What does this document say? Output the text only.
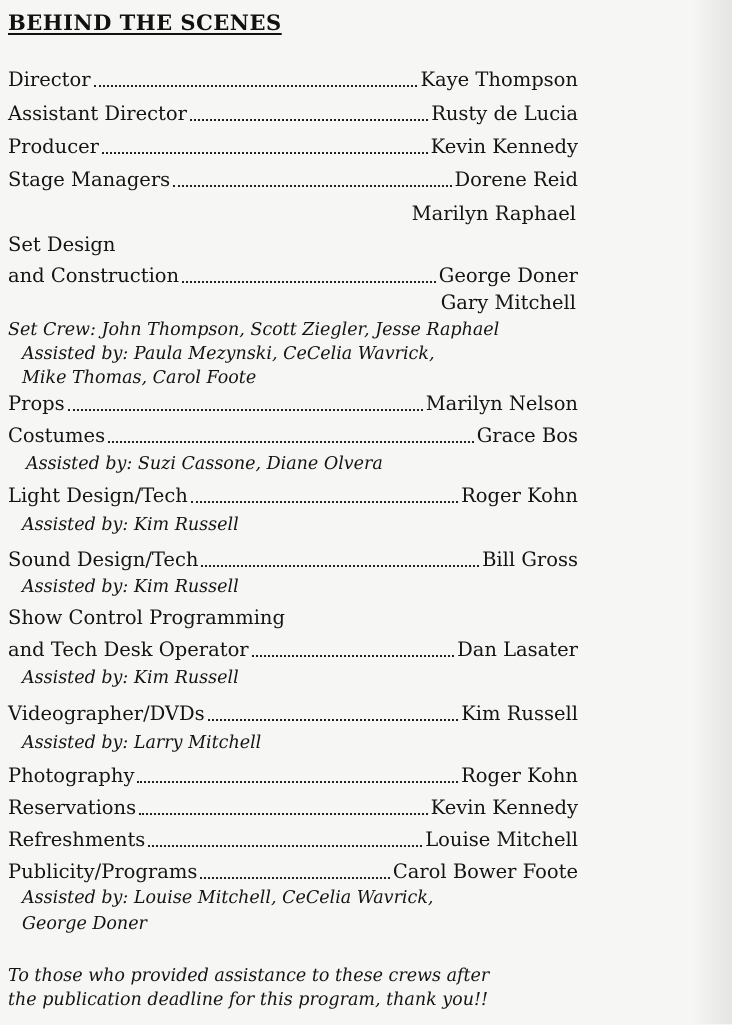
BEHIND THE SCENES
Director	Kaye Thompson
Assistant Director	Rusty de Lucia
Producer	Kevin Kennedy
Stage Managers	Dorene Reid
Marilyn Raphael
Set Design
and Construction	George Doner
Gary Mitchell
Set Crew: John Thompson, Scott Ziegler, Jesse Raphael
Assisted by: Paula Mezynski, CeCelia Wavrick,
Mike Thomas, Carol Foote
Props	Marilyn Nelson
Costumes	Grace Bos
Assisted by: Suzi Cassone, Diane Olvera
Light Design/Tech	Roger Kohn
Assisted by: Kim Russell
Sound Design/Tech	Bill Gross
Assisted by: Kim Russell
Show Control Programming
and Tech Desk Operator	Dan Lasater
Assisted by: Kim Russell
Videographer/DVDs	Kim Russell
Assisted by: Larry Mitchell
Photography	Roger Kohn
Reservations	Kevin Kennedy
Refreshments	Louise Mitchell
Publicity/Programs	Carol Bower Foote
Assisted by: Louise Mitchell, CeCelia Wavrick,
George Doner
To those who provided assistance to these crews after
the publication deadline for this program, thank you!!
